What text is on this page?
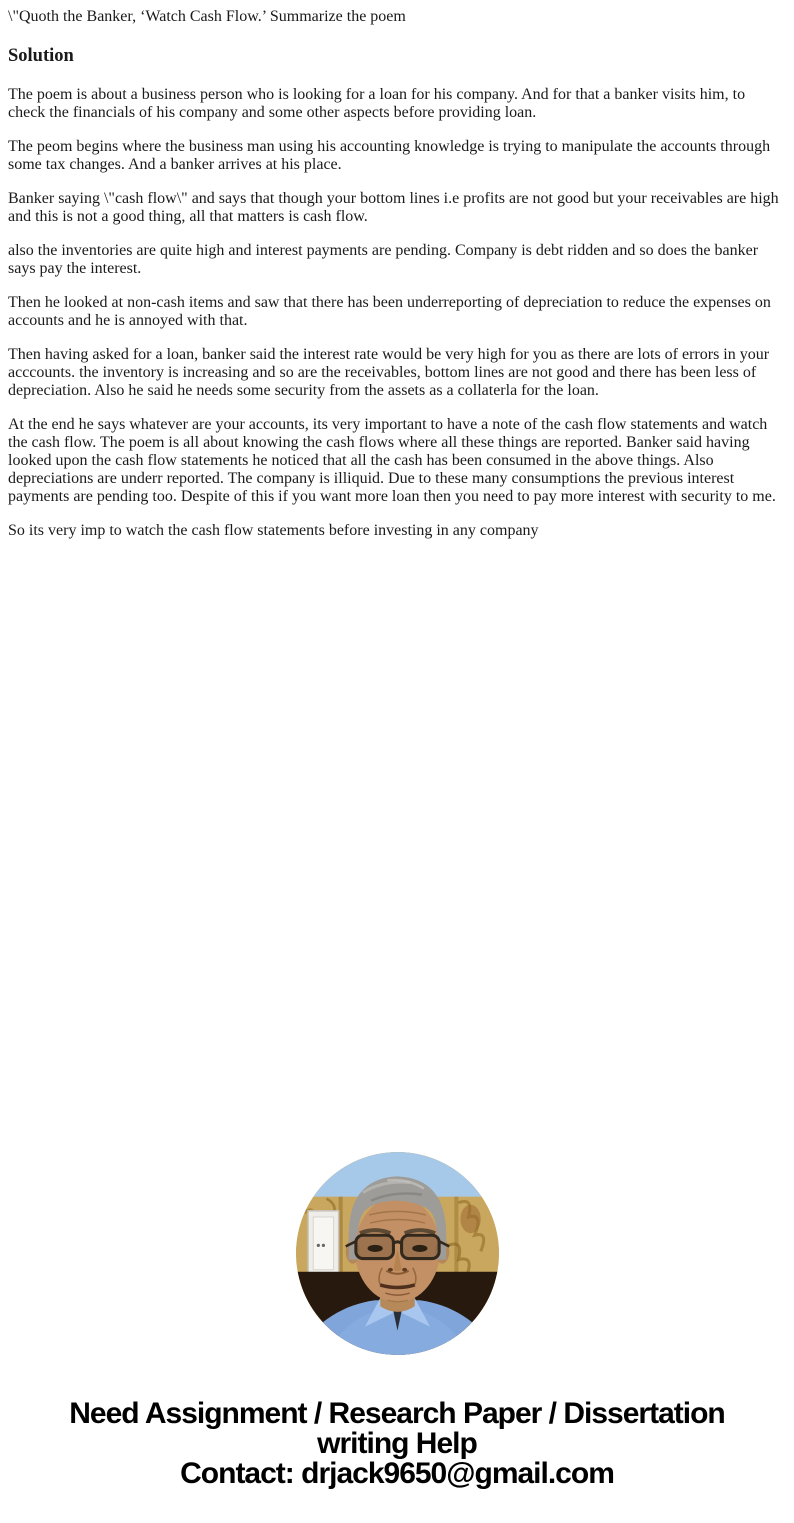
\"Quoth the Banker, ‘Watch Cash Flow.’ Summarize the poem

Solution

The poem is about a business person who is looking for a loan for his company. And for that a banker visits him, to check the financials of his company and some other aspects before providing loan.

The peom begins where the business man using his accounting knowledge is trying to manipulate the accounts through some tax changes. And a banker arrives at his place.

Banker saying \"cash flow\" and says that though your bottom lines i.e profits are not good but your receivables are high and this is not a good thing, all that matters is cash flow.

also the inventories are quite high and interest payments are pending. Company is debt ridden and so does the banker says pay the interest.

Then he looked at non-cash items and saw that there has been underreporting of depreciation to reduce the expenses on accounts and he is annoyed with that.

Then having asked for a loan, banker said the interest rate would be very high for you as there are lots of errors in your acccounts. the inventory is increasing and so are the receivables, bottom lines are not good and there has been less of depreciation. Also he said he needs some security from the assets as a collaterla for the loan.

At the end he says whatever are your accounts, its very important to have a note of the cash flow statements and watch the cash flow. The poem is all about knowing the cash flows where all these things are reported. Banker said having looked upon the cash flow statements he noticed that all the cash has been consumed in the above things. Also depreciations are underr reported. The company is illiquid. Due to these many consumptions the previous interest payments are pending too. Despite of this if you want more loan then you need to pay more interest with security to me.

So its very imp to watch the cash flow statements before investing in any company

Need Assignment / Research Paper / Dissertation
writing Help
Contact: drjack9650@gmail.com
